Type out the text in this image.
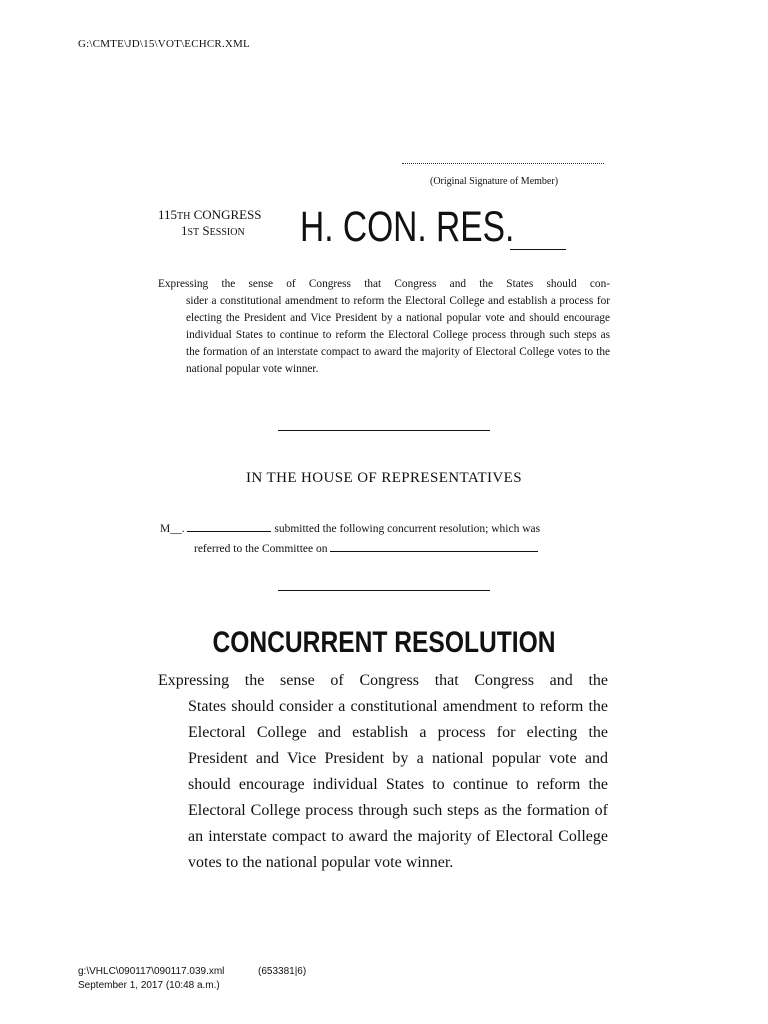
G:\CMTE\JD\15\VOT\ECHCR.XML
(Original Signature of Member)
115TH CONGRESS
1ST SESSION H. CON. RES.
Expressing the sense of Congress that Congress and the States should con-
sider a constitutional amendment to reform the Electoral College and establish a process for electing the President and Vice President by a national popular vote and should encourage individual States to continue to reform the Electoral College process through such steps as the formation of an interstate compact to award the majority of Electoral College votes to the national popular vote winner.
IN THE HOUSE OF REPRESENTATIVES
M__.	submitted the following concurrent resolution; which was
referred to the Committee on
CONCURRENT RESOLUTION
Expressing the sense of Congress that Congress and the
States should consider a constitutional amendment to reform the Electoral College and establish a process for electing the President and Vice President by a national popular vote and should encourage individual States to continue to reform the Electoral College process through such steps as the formation of an interstate compact to award the majority of Electoral College votes to the national popular vote winner.
g:\VHLC\090117\090117.039.xml	(653381|6)
September 1, 2017 (10:48 a.m.)
